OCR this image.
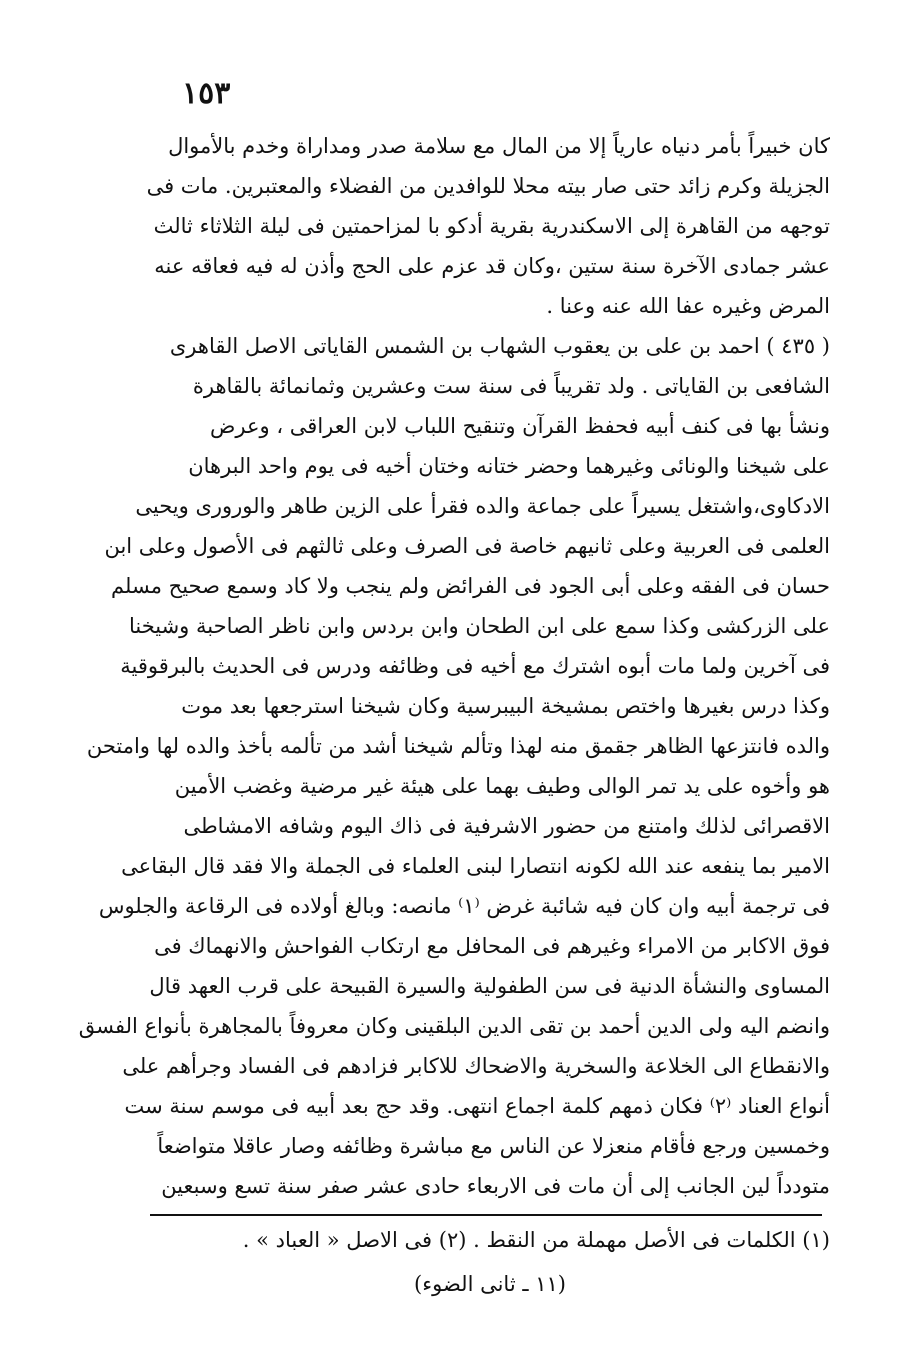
١٥٣
كان خبيراً بأمر دنياه عارياً إلا من المال مع سلامة صدر ومداراة وخدم بالأموال
الجزيلة وكرم زائد حتى صار بيته محلا للوافدين من الفضلاء والمعتبرين. مات فى
توجهه من القاهرة إلى الاسكندرية بقرية أدكو با لمزاحمتين فى ليلة الثلاثاء ثالث
عشر جمادى الآخرة سنة ستين ،وكان قد عزم على الحج وأذن له فيه فعاقه عنه
المرض وغيره عفا الله عنه وعنا .
( ٤٣٥ ) احمد بن على بن يعقوب الشهاب بن الشمس القاياتى الاصل القاهرى
الشافعى بن القاياتى . ولد تقريباً فى سنة ست وعشرين وثمانمائة بالقاهرة
ونشأ بها فى كنف أبيه فحفظ القرآن وتنقيح اللباب لابن العراقى ، وعرض
على شيخنا والونائى وغيرهما وحضر ختانه وختان أخيه فى يوم واحد البرهان
الادكاوى،واشتغل يسيراً على جماعة والده فقرأ على الزين طاهر والورورى ويحيى
العلمى فى العربية وعلى ثانيهم خاصة فى الصرف وعلى ثالثهم فى الأصول وعلى ابن
حسان فى الفقه وعلى أبى الجود فى الفرائض ولم ينجب ولا كاد وسمع صحيح مسلم
على الزركشى وكذا سمع على ابن الطحان وابن بردس وابن ناظر الصاحبة وشيخنا
فى آخرين ولما مات أبوه اشترك مع أخيه فى وظائفه ودرس فى الحديث بالبرقوقية
وكذا درس بغيرها واختص بمشيخة البيبرسية وكان شيخنا استرجعها بعد موت
والده فانتزعها الظاهر جقمق منه لهذا وتألم شيخنا أشد من تألمه بأخذ والده لها وامتحن
هو وأخوه على يد تمر الوالى وطيف بهما على هيئة غير مرضية وغضب الأمين
الاقصرائى لذلك وامتنع من حضور الاشرفية فى ذاك اليوم وشافه الامشاطى
الامير بما ينفعه عند الله لكونه انتصارا لبنى العلماء فى الجملة والا فقد قال البقاعى
فى ترجمة أبيه وان كان فيه شائبة غرض ⁽١⁾ مانصه: وبالغ أولاده فى الرقاعة والجلوس
فوق الاكابر من الامراء وغيرهم فى المحافل مع ارتكاب الفواحش والانهماك فى
المساوى والنشأة الدنية فى سن الطفولية والسيرة القبيحة على قرب العهد قال
وانضم اليه ولى الدين أحمد بن تقى الدين البلقينى وكان معروفاً بالمجاهرة بأنواع الفسق
والانقطاع الى الخلاعة والسخرية والاضحاك للاكابر فزادهم فى الفساد وجرأهم على
أنواع العناد ⁽٢⁾ فكان ذمهم كلمة اجماع انتهى. وقد حج بعد أبيه فى موسم سنة ست
وخمسين ورجع فأقام منعزلا عن الناس مع مباشرة وظائفه وصار عاقلا متواضعاً
متودداً لين الجانب إلى أن مات فى الاربعاء حادى عشر صفر سنة تسع وسبعين
(١) الكلمات فى الأصل مهملة من النقط . (٢) فى الاصل « العباد » .
(١١ ـ ثانى الضوء)
